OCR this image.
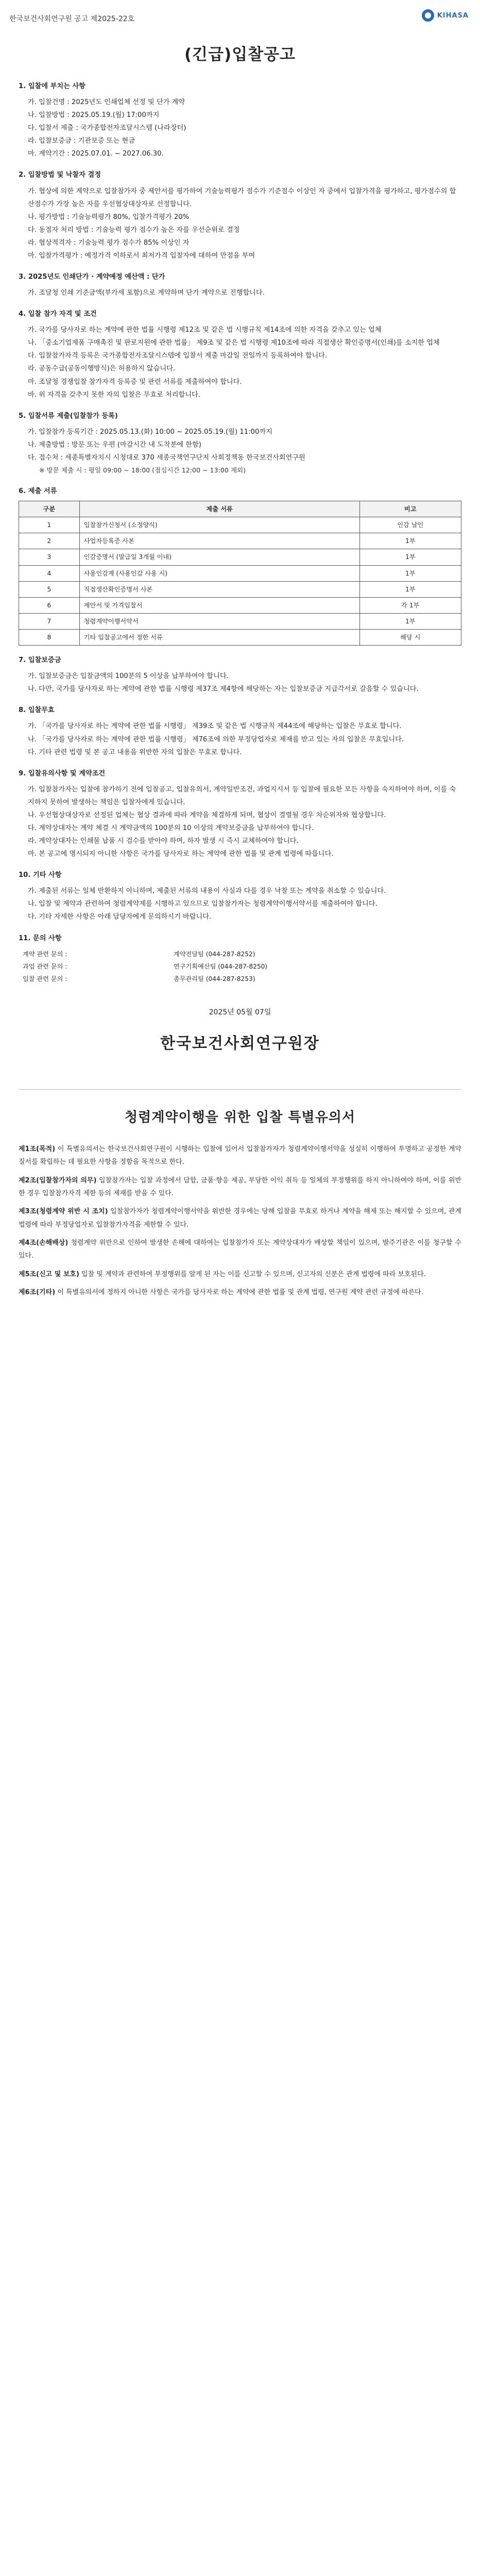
한국보건사회연구원 공고 제2025-22호	KIHASA
(긴급)입찰공고
1. 입찰에 부치는 사항
가. 입찰건명 : 2025년도 인쇄업체 선정 및 단가 계약
나. 입찰방법 : 2025.05.19.(월) 17:00까지
다. 입찰서 제출 : 국가종합전자조달시스템 (나라장터)
라. 입찰보증금 : 기관보증 또는 현금
마. 계약기간 : 2025.07.01. ~ 2027.06.30.
2. 입찰방법 및 낙찰자 결정
가. 협상에 의한 계약으로 입찰참가자 중 제안서를 평가하여 기술능력평가 점수가 기준점수 이상인 자 중에서 입찰가격을 평가하고, 평가점수의 합산점수가 가장 높은 자를 우선협상대상자로 선정합니다.
나. 평가방법 : 기술능력평가 80%, 입찰가격평가 20%
다. 동점자 처리 방법 : 기술능력 평가 점수가 높은 자를 우선순위로 결정
라. 협상적격자 : 기술능력 평가 점수가 85% 이상인 자
마. 입찰가격평가 : 예정가격 이하로서 최저가격 입찰자에 대하여 만점을 부여
3. 2025년도 인쇄단가 · 계약예정 예산액 : 단가
가. 조달청 인쇄 기준금액(부가세 포함)으로 계약하며 단가 계약으로 진행합니다.
4. 입찰 참가 자격 및 조건
가. 국가를 당사자로 하는 계약에 관한 법률 시행령 제12조 및 같은 법 시행규칙 제14조에 의한 자격을 갖추고 있는 업체
나. 「중소기업제품 구매촉진 및 판로지원에 관한 법률」 제9조 및 같은 법 시행령 제10조에 따라 직접생산 확인증명서(인쇄)를 소지한 업체
다. 입찰참가자격 등록은 국가종합전자조달시스템에 입찰서 제출 마감일 전일까지 등록하여야 합니다.
라. 공동수급(공동이행방식)은 허용하지 않습니다.
마. 조달청 경쟁입찰 참가자격 등록증 및 관련 서류를 제출하여야 합니다.
바. 위 자격을 갖추지 못한 자의 입찰은 무효로 처리합니다.
5. 입찰서류 제출(입찰참가 등록)
가. 입찰참가 등록기간 : 2025.05.13.(화) 10:00 ~ 2025.05.19.(월) 11:00까지
나. 제출방법 : 방문 또는 우편 (마감시간 내 도착분에 한함)
다. 접수처 : 세종특별자치시 시청대로 370 세종국책연구단지 사회정책동 한국보건사회연구원
※ 방문 제출 시 : 평일 09:00 ~ 18:00 (점심시간 12:00 ~ 13:00 제외)
6. 제출 서류
구분	제출 서류	비고
1	입찰참가신청서 (소정양식)	인감 날인
2	사업자등록증 사본	1부
3	인감증명서 (발급일 3개월 이내)	1부
4	사용인감계 (사용인감 사용 시)	1부
5	직접생산확인증명서 사본	1부
6	제안서 및 가격입찰서	각 1부
7	청렴계약이행서약서	1부
8	기타 입찰공고에서 정한 서류	해당 시
7. 입찰보증금
가. 입찰보증금은 입찰금액의 100분의 5 이상을 납부하여야 합니다.
나. 다만, 국가를 당사자로 하는 계약에 관한 법률 시행령 제37조 제4항에 해당하는 자는 입찰보증금 지급각서로 갈음할 수 있습니다.
8. 입찰무효
가. 「국가를 당사자로 하는 계약에 관한 법률 시행령」 제39조 및 같은 법 시행규칙 제44조에 해당하는 입찰은 무효로 합니다.
나. 「국가를 당사자로 하는 계약에 관한 법률 시행령」 제76조에 의한 부정당업자로 제재를 받고 있는 자의 입찰은 무효입니다.
다. 기타 관련 법령 및 본 공고 내용을 위반한 자의 입찰은 무효로 합니다.
9. 입찰유의사항 및 계약조건
가. 입찰참가자는 입찰에 참가하기 전에 입찰공고, 입찰유의서, 계약일반조건, 과업지시서 등 입찰에 필요한 모든 사항을 숙지하여야 하며, 이를 숙지하지 못하여 발생하는 책임은 입찰자에게 있습니다.
나. 우선협상대상자로 선정된 업체는 협상 결과에 따라 계약을 체결하게 되며, 협상이 결렬될 경우 차순위자와 협상합니다.
다. 계약상대자는 계약 체결 시 계약금액의 100분의 10 이상의 계약보증금을 납부하여야 합니다.
라. 계약상대자는 인쇄물 납품 시 검수를 받아야 하며, 하자 발생 시 즉시 교체하여야 합니다.
마. 본 공고에 명시되지 아니한 사항은 국가를 당사자로 하는 계약에 관한 법률 및 관계 법령에 따릅니다.
10. 기타 사항
가. 제출된 서류는 일체 반환하지 아니하며, 제출된 서류의 내용이 사실과 다를 경우 낙찰 또는 계약을 취소할 수 있습니다.
나. 입찰 및 계약과 관련하여 청렴계약제를 시행하고 있으므로 입찰참가자는 청렴계약이행서약서를 제출하여야 합니다.
다. 기타 자세한 사항은 아래 담당자에게 문의하시기 바랍니다.
11. 문의 사항
계약 관련 문의 :	계약전담팀 (044-287-8252)
과업 관련 문의 :	연구기획예산팀 (044-287-8250)
입찰 관련 문의 :	총무관리팀 (044-287-8253)
2025년 05월 07일
한국보건사회연구원장
청렴계약이행을 위한 입찰 특별유의서

제1조(목적) 이 특별유의서는 한국보건사회연구원이 시행하는 입찰에 있어서 입찰참가자가 청렴계약이행서약을 성실히 이행하여 투명하고 공정한 계약질서를 확립하는 데 필요한 사항을 정함을 목적으로 한다.

제2조(입찰참가자의 의무) 입찰참가자는 입찰 과정에서 담합, 금품·향응 제공, 부당한 이익 취득 등 일체의 부정행위를 하지 아니하여야 하며, 이를 위반한 경우 입찰참가자격 제한 등의 제재를 받을 수 있다.

제3조(청렴계약 위반 시 조치) 입찰참가자가 청렴계약이행서약을 위반한 경우에는 당해 입찰을 무효로 하거나 계약을 해제 또는 해지할 수 있으며, 관계 법령에 따라 부정당업자로 입찰참가자격을 제한할 수 있다.

제4조(손해배상) 청렴계약 위반으로 인하여 발생한 손해에 대하여는 입찰참가자 또는 계약상대자가 배상할 책임이 있으며, 발주기관은 이를 청구할 수 있다.

제5조(신고 및 보호) 입찰 및 계약과 관련하여 부정행위를 알게 된 자는 이를 신고할 수 있으며, 신고자의 신분은 관계 법령에 따라 보호된다.

제6조(기타) 이 특별유의서에 정하지 아니한 사항은 국가를 당사자로 하는 계약에 관한 법률 및 관계 법령, 연구원 계약 관련 규정에 따른다.
